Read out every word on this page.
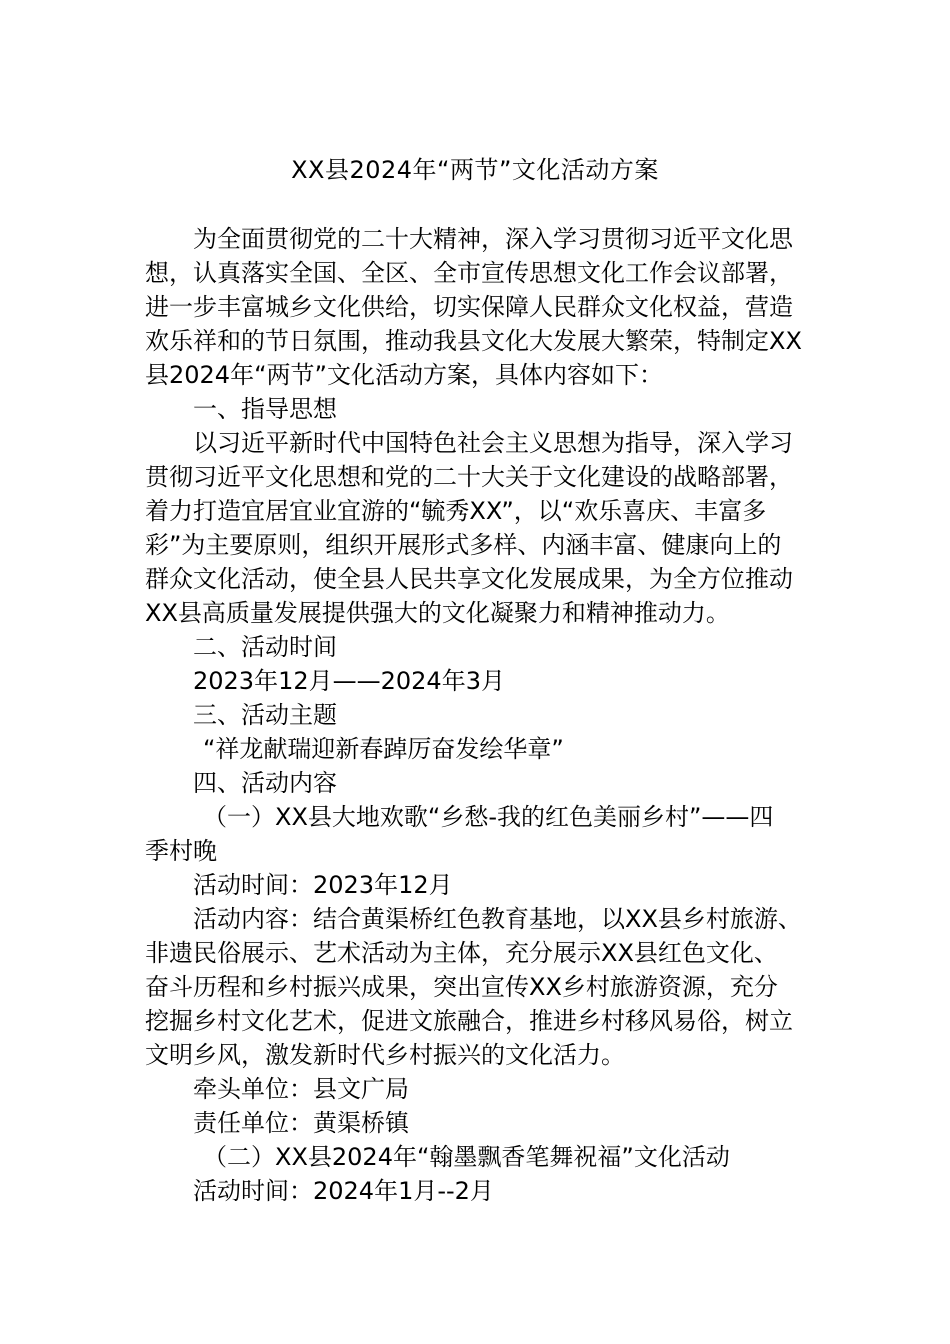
XX县2024年“两节”文化活动方案

为全面贯彻党的二十大精神，深入学习贯彻习近平文化思
想，认真落实全国、全区、全市宣传思想文化工作会议部署，
进一步丰富城乡文化供给，切实保障人民群众文化权益，营造
欢乐祥和的节日氛围，推动我县文化大发展大繁荣，特制定XX
县2024年“两节”文化活动方案，具体内容如下：

一、指导思想

以习近平新时代中国特色社会主义思想为指导，深入学习
贯彻习近平文化思想和党的二十大关于文化建设的战略部署，
着力打造宜居宜业宜游的“毓秀XX”，以“欢乐喜庆、丰富多
彩”为主要原则，组织开展形式多样、内涵丰富、健康向上的
群众文化活动，使全县人民共享文化发展成果，为全方位推动
XX县高质量发展提供强大的文化凝聚力和精神推动力。

二、活动时间

2023年12月——2024年3月

三、活动主题

“祥龙献瑞迎新春踔厉奋发绘华章”

四、活动内容

（一）XX县大地欢歌“乡愁-我的红色美丽乡村”——四
季村晚

活动时间：2023年12月

活动内容：结合黄渠桥红色教育基地，以XX县乡村旅游、
非遗民俗展示、艺术活动为主体，充分展示XX县红色文化、
奋斗历程和乡村振兴成果，突出宣传XX乡村旅游资源，充分
挖掘乡村文化艺术，促进文旅融合，推进乡村移风易俗，树立
文明乡风，激发新时代乡村振兴的文化活力。

牵头单位：县文广局

责任单位：黄渠桥镇

（二）XX县2024年“翰墨飘香笔舞祝福”文化活动

活动时间：2024年1月--2月
